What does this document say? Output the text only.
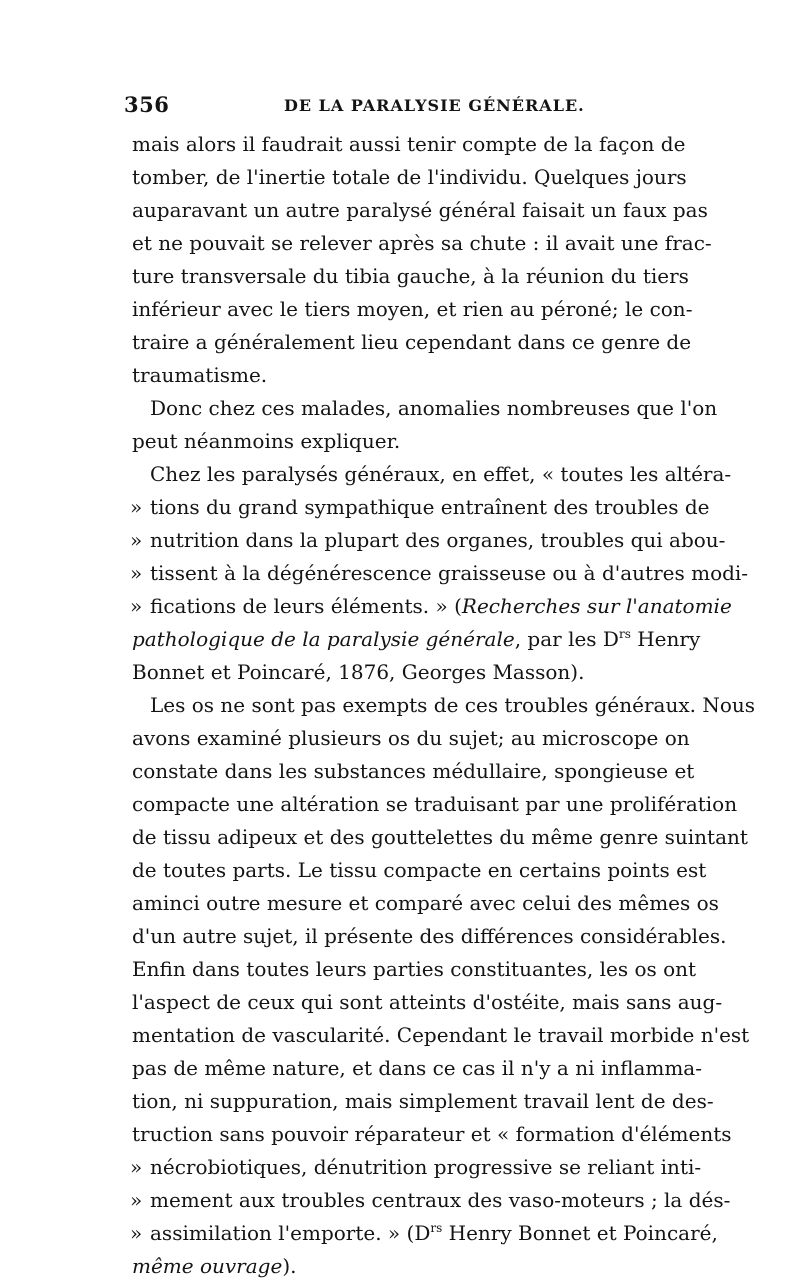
356	DE LA PARALYSIE GÉNÉRALE.
mais alors il faudrait aussi tenir compte de la façon de
tomber, de l'inertie totale de l'individu. Quelques jours
auparavant un autre paralysé général faisait un faux pas
et ne pouvait se relever après sa chute : il avait une frac-
ture transversale du tibia gauche, à la réunion du tiers
inférieur avec le tiers moyen, et rien au péroné; le con-
traire a généralement lieu cependant dans ce genre de
traumatisme.
Donc chez ces malades, anomalies nombreuses que l'on
peut néanmoins expliquer.
Chez les paralysés généraux, en effet, « toutes les altéra-
» tions du grand sympathique entraînent des troubles de
» nutrition dans la plupart des organes, troubles qui abou-
» tissent à la dégénérescence graisseuse ou à d'autres modi-
» fications de leurs éléments. » (Recherches sur l'anatomie
pathologique de la paralysie générale, par les $D^{rs}$ Henry
Bonnet et Poincaré, 1876, Georges Masson).
Les os ne sont pas exempts de ces troubles généraux. Nous
avons examiné plusieurs os du sujet; au microscope on
constate dans les substances médullaire, spongieuse et
compacte une altération se traduisant par une prolifération
de tissu adipeux et des gouttelettes du même genre suintant
de toutes parts. Le tissu compacte en certains points est
aminci outre mesure et comparé avec celui des mêmes os
d'un autre sujet, il présente des différences considérables.
Enfin dans toutes leurs parties constituantes, les os ont
l'aspect de ceux qui sont atteints d'ostéite, mais sans aug-
mentation de vascularité. Cependant le travail morbide n'est
pas de même nature, et dans ce cas il n'y a ni inflamma-
tion, ni suppuration, mais simplement travail lent de des-
truction sans pouvoir réparateur et « formation d'éléments
» nécrobiotiques, dénutrition progressive se reliant inti-
» mement aux troubles centraux des vaso-moteurs ; la dés-
» assimilation l'emporte. » ($D^{rs}$ Henry Bonnet et Poincaré,
même ouvrage).
